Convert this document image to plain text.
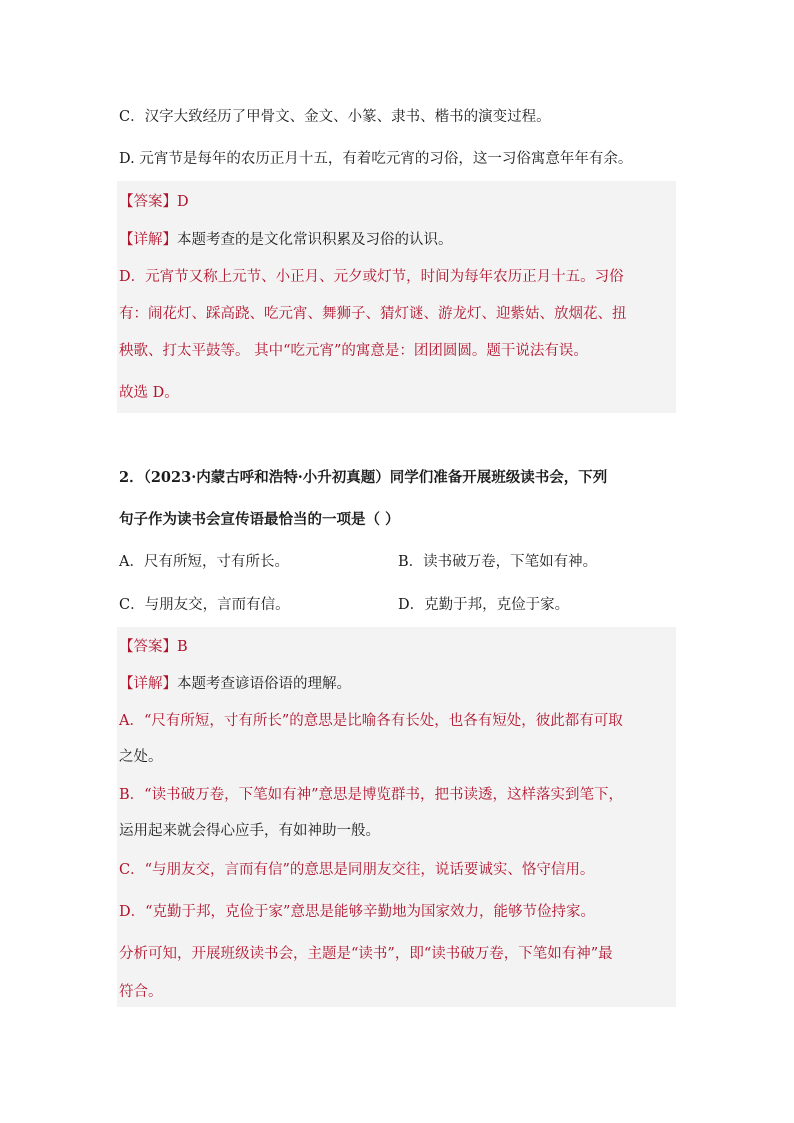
C．汉字大致经历了甲骨文、金文、小篆、隶书、楷书的演变过程。
D. 元宵节是每年的农历正月十五，有着吃元宵的习俗，这一习俗寓意年年有余。
【答案】D
【详解】本题考查的是文化常识积累及习俗的认识。
D．元宵节又称上元节、小正月、元夕或灯节，时间为每年农历正月十五。习俗
有：闹花灯、踩高跷、吃元宵、舞狮子、猜灯谜、游龙灯、迎紫姑、放烟花、扭
秧歌、打太平鼓等。 其中“吃元宵”的寓意是：团团圆圆。题干说法有误。
故选 D。
2．（2023·内蒙古呼和浩特·小升初真题）同学们准备开展班级读书会，下列
句子作为读书会宣传语最恰当的一项是（ ）
A．尺有所短，寸有所长。	B．读书破万卷，下笔如有神。
C．与朋友交，言而有信。	D．克勤于邦，克俭于家。
【答案】B
【详解】本题考查谚语俗语的理解。
A．“尺有所短，寸有所长”的意思是比喻各有长处，也各有短处，彼此都有可取
之处。
B．“读书破万卷，下笔如有神”意思是博览群书，把书读透，这样落实到笔下，
运用起来就会得心应手，有如神助一般。
C．“与朋友交，言而有信”的意思是同朋友交往，说话要诚实、恪守信用。
D．“克勤于邦，克俭于家”意思是能够辛勤地为国家效力，能够节俭持家。
分析可知，开展班级读书会，主题是“读书”，即“读书破万卷，下笔如有神”最
符合。
